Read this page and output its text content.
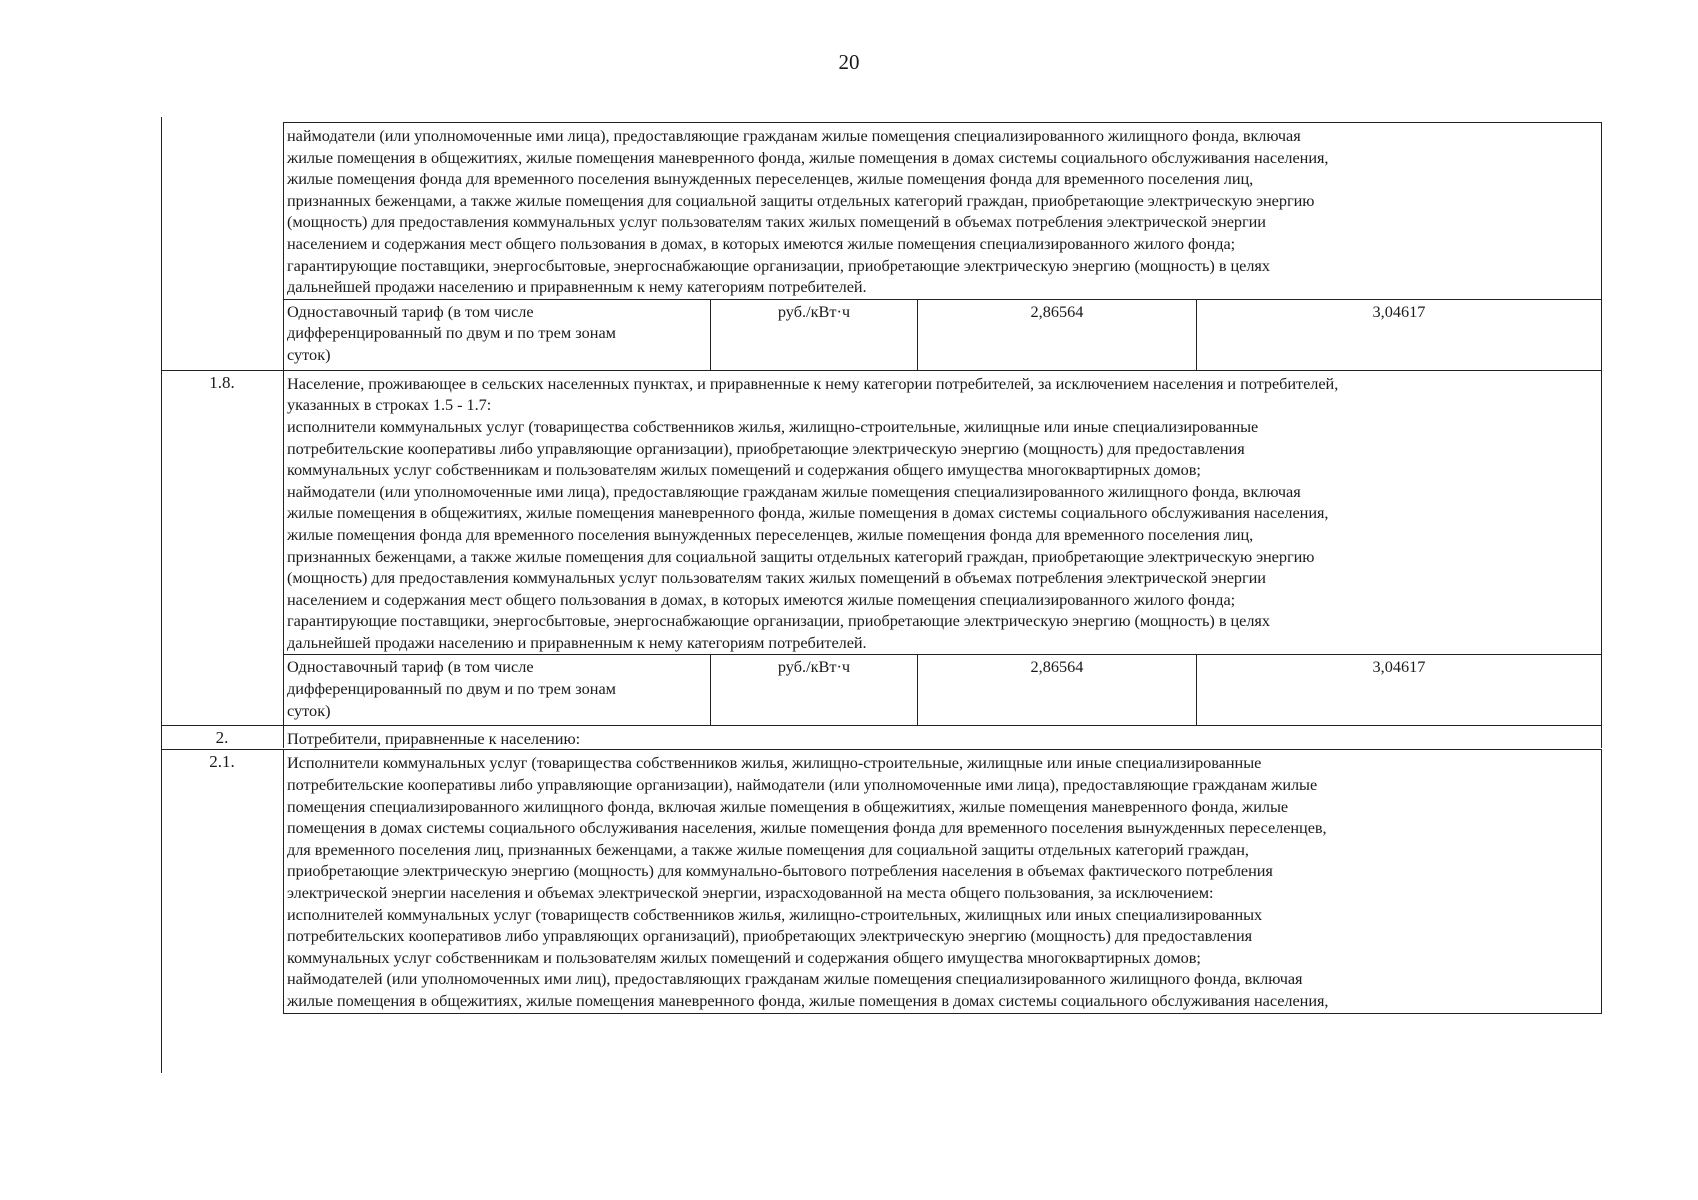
20
наймодатели (или уполномоченные ими лица), предоставляющие гражданам жилые помещения специализированного жилищного фонда, включая
жилые помещения в общежитиях, жилые помещения маневренного фонда, жилые помещения в домах системы социального обслуживания населения,
жилые помещения фонда для временного поселения вынужденных переселенцев, жилые помещения фонда для временного поселения лиц,
признанных беженцами, а также жилые помещения для социальной защиты отдельных категорий граждан, приобретающие электрическую энергию
(мощность) для предоставления коммунальных услуг пользователям таких жилых помещений в объемах потребления электрической энергии
населением и содержания мест общего пользования в домах, в которых имеются жилые помещения специализированного жилого фонда;
гарантирующие поставщики, энергосбытовые, энергоснабжающие организации, приобретающие электрическую энергию (мощность) в целях
дальнейшей продажи населению и приравненным к нему категориям потребителей.
Одноставочный тариф (в том числе
дифференцированный по двум и по трем зонам
суток)
руб./кВт·ч	2,86564	3,04617
1.8.	Население, проживающее в сельских населенных пунктах, и приравненные к нему категории потребителей, за исключением населения и потребителей,
указанных в строках 1.5 - 1.7:
исполнители коммунальных услуг (товарищества собственников жилья, жилищно-строительные, жилищные или иные специализированные
потребительские кооперативы либо управляющие организации), приобретающие электрическую энергию (мощность) для предоставления
коммунальных услуг собственникам и пользователям жилых помещений и содержания общего имущества многоквартирных домов;
наймодатели (или уполномоченные ими лица), предоставляющие гражданам жилые помещения специализированного жилищного фонда, включая
жилые помещения в общежитиях, жилые помещения маневренного фонда, жилые помещения в домах системы социального обслуживания населения,
жилые помещения фонда для временного поселения вынужденных переселенцев, жилые помещения фонда для временного поселения лиц,
признанных беженцами, а также жилые помещения для социальной защиты отдельных категорий граждан, приобретающие электрическую энергию
(мощность) для предоставления коммунальных услуг пользователям таких жилых помещений в объемах потребления электрической энергии
населением и содержания мест общего пользования в домах, в которых имеются жилые помещения специализированного жилого фонда;
гарантирующие поставщики, энергосбытовые, энергоснабжающие организации, приобретающие электрическую энергию (мощность) в целях
дальнейшей продажи населению и приравненным к нему категориям потребителей.
Одноставочный тариф (в том числе
дифференцированный по двум и по трем зонам
суток)
руб./кВт·ч	2,86564	3,04617
2.	Потребители, приравненные к населению:
2.1.	Исполнители коммунальных услуг (товарищества собственников жилья, жилищно-строительные, жилищные или иные специализированные
потребительские кооперативы либо управляющие организации), наймодатели (или уполномоченные ими лица), предоставляющие гражданам жилые
помещения специализированного жилищного фонда, включая жилые помещения в общежитиях, жилые помещения маневренного фонда, жилые
помещения в домах системы социального обслуживания населения, жилые помещения фонда для временного поселения вынужденных переселенцев,
для временного поселения лиц, признанных беженцами, а также жилые помещения для социальной защиты отдельных категорий граждан,
приобретающие электрическую энергию (мощность) для коммунально-бытового потребления населения в объемах фактического потребления
электрической энергии населения и объемах электрической энергии, израсходованной на места общего пользования, за исключением:
исполнителей коммунальных услуг (товариществ собственников жилья, жилищно-строительных, жилищных или иных специализированных
потребительских кооперативов либо управляющих организаций), приобретающих электрическую энергию (мощность) для предоставления
коммунальных услуг собственникам и пользователям жилых помещений и содержания общего имущества многоквартирных домов;
наймодателей (или уполномоченных ими лиц), предоставляющих гражданам жилые помещения специализированного жилищного фонда, включая
жилые помещения в общежитиях, жилые помещения маневренного фонда, жилые помещения в домах системы социального обслуживания населения,
